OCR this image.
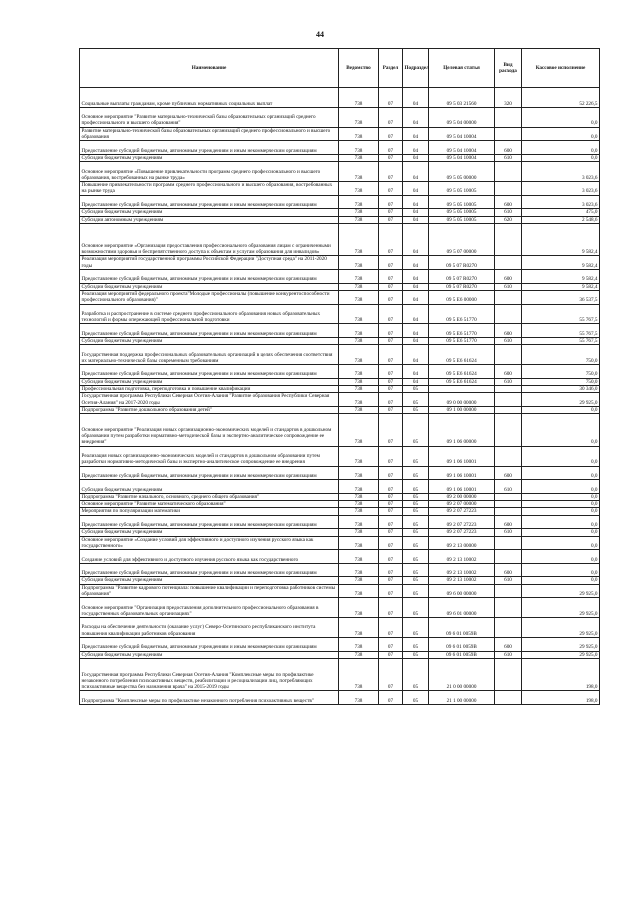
44
Наименование	Ведомство	Раздел	Подраздел	Целевая статья	Вид расхода	Кассовое исполнение
Социальные выплаты гражданам, кроме публичных нормативных социальных выплат	738	07	04	09 5 03 21560	320	52 226,5
Основное мероприятие "Развитие материально-технической базы образовательных организаций среднего профессионального и высшего образования"	738	07	04	09 5 04 00000		0,0
Развитие материально-технической базы образовательных организаций среднего профессионального и высшего образования	738	07	04	09 5 04 10004		0,0
Предоставление субсидий бюджетным, автономным учреждениям и иным некоммерческим организациям	738	07	04	09 5 04 10004	600	0,0
Субсидии бюджетным учреждениям	738	07	04	09 5 04 10004	610	0,0
Основное мероприятие «Повышение привлекательности программ среднего профессионального и высшего образования, востребованных на рынке труда»	738	07	04	09 5 05 00000		3 023,6
Повышение привлекательности программ среднего профессионального и высшего образования, востребованных на рынке труда	738	07	04	09 5 05 10005		3 023,6
Предоставление субсидий бюджетным, автономным учреждениям и иным некоммерческим организациям	738	07	04	09 5 05 10005	600	3 023,6
Субсидии бюджетным учреждениям	738	07	04	09 5 05 10005	610	475,0
Субсидии автономным учреждениям	738	07	04	09 5 05 10005	620	2 548,6
Основное мероприятие «Организация предоставления профессионального образования лицам с ограниченными возможностями здоровья и беспрепятственного доступа к объектам и услугам образования для инвалидов»	738	07	04	09 5 07 00000		9 582,4
Реализация мероприятий государственной программы Российской Федерации "Доступная среда" на 2011-2020 годы	738	07	04	09 5 07 R0270		9 582,4
Предоставление субсидий бюджетным, автономным учреждениям и иным некоммерческим организациям	738	07	04	09 5 07 R0270	600	9 582,4
Субсидии бюджетным учреждениям	738	07	04	09 5 07 R0270	610	9 582,4
Реализация мероприятий федерального проекта"Молодые профессионалы (повышение конкурентоспособности профессионального образования)"	738	07	04	09 5 E6 00000		36 537,5
Разработка и распространение в системе среднего профессионального образования новых образовательных технологий и формы опережающей профессиональной подготовки	738	07	04	09 5 E6 51770		55 767,5
Предоставление субсидий бюджетным, автономным учреждениям и иным некоммерческим организациям	738	07	04	09 5 E6 51770	600	55 767,5
Субсидии бюджетным учреждениям	738	07	04	09 5 E6 51770	610	55 767,5
Государственная поддержка профессиональных образовательных организаций в целях обеспечения соответствия их материально-технической базы современным требованиям	738	07	04	09 5 E6 61624		750,0
Предоставление субсидий бюджетным, автономным учреждениям и иным некоммерческим организациям	738	07	04	09 5 E6 61624	600	750,0
Субсидии бюджетным учреждениям	738	07	04	09 5 E6 61624	610	750,0
Профессиональная подготовка, переподготовка и повышение квалификации	738	07	05			30 346,0
Государственная программа Республики Северная Осетия-Алания "Развитие образования Республики Северная Осетия-Алания" на 2017-2020 годы	738	07	05	09 0 00 00000		29 925,0
Подпрограмма "Развитие дошкольного образования детей"	738	07	05	09 1 00 00000		0,0
Основное мероприятие "Реализация новых организационно-экономических моделей и стандартов в дошкольном образовании путем разработки нормативно-методической базы и экспертно-аналитическое сопровождение ее внедрения"	738	07	05	09 1 06 00000		0,0
Реализация новых организационно-экономических моделей и стандартов в дошкольном образовании путем разработки нормативно-методической базы и экспертно-аналитическое сопровождение ее внедрения	738	07	05	09 1 06 10001		0,0
Предоставление субсидий бюджетным, автономным учреждениям и иным некоммерческим организациям	738	07	05	09 1 06 10001	600	0,0
Субсидии бюджетным учреждениям	738	07	05	09 1 06 10001	610	0,0
Подпрограмма "Развитие начального, основного, среднего общего образования"	738	07	05	09 2 00 00000		0,0
Основное мероприятие "Развитие математического образования"	738	07	05	09 2 07 00000		0,0
Мероприятия по популяризации математики	738	07	05	09 2 07 27223		0,0
Предоставление субсидий бюджетным, автономным учреждениям и иным некоммерческим организациям	738	07	05	09 2 07 27223	600	0,0
Субсидии бюджетным учреждениям	738	07	05	09 2 07 27223	610	0,0
Основное мероприятие «Создание условий для эффективного и доступного изучения русского языка как государственного»	738	07	05	09 2 13 00000		0,0
Создание условий для эффективного и доступного изучения русского языка как государственного	738	07	05	09 2 13 10002		0,0
Предоставление субсидий бюджетным, автономным учреждениям и иным некоммерческим организациям	738	07	05	09 2 13 10002	600	0,0
Субсидии бюджетным учреждениям	738	07	05	09 2 13 10002	610	0,0
Подпрограмма "Развитие кадрового потенциала: повышение квалификации и переподготовка работников системы образования"	738	07	05	09 6 00 00000		29 925,0
Основное мероприятие "Организация предоставления дополнительного профессионального образования в государственных образовательных организациях"	738	07	05	09 6 01 00000		29 925,0
Расходы на обеспечение деятельности (оказание услуг) Северо-Осетинского республиканского института повышения квалификации работников образования	738	07	05	09 6 01 0059B		29 925,0
Предоставление субсидий бюджетным, автономным учреждениям и иным некоммерческим организациям	738	07	05	09 6 01 0059B	600	29 925,0
Субсидии бюджетным учреждениям	738	07	05	09 6 01 0059B	610	29 925,0
Государственная программа Республики Северная Осетия-Алания "Комплексные меры по профилактике незаконного потребления психоактивных веществ, реабилитации и ресоциализации лиц, потребляющих психоактивные вещества без назначения врача" на 2015-2019 годы	738	07	05	21 0 00 00000		198,0
Подпрограмма "Комплексные меры по профилактике незаконного потребления психоактивных веществ"	738	07	05	21 1 00 00000		198,0
